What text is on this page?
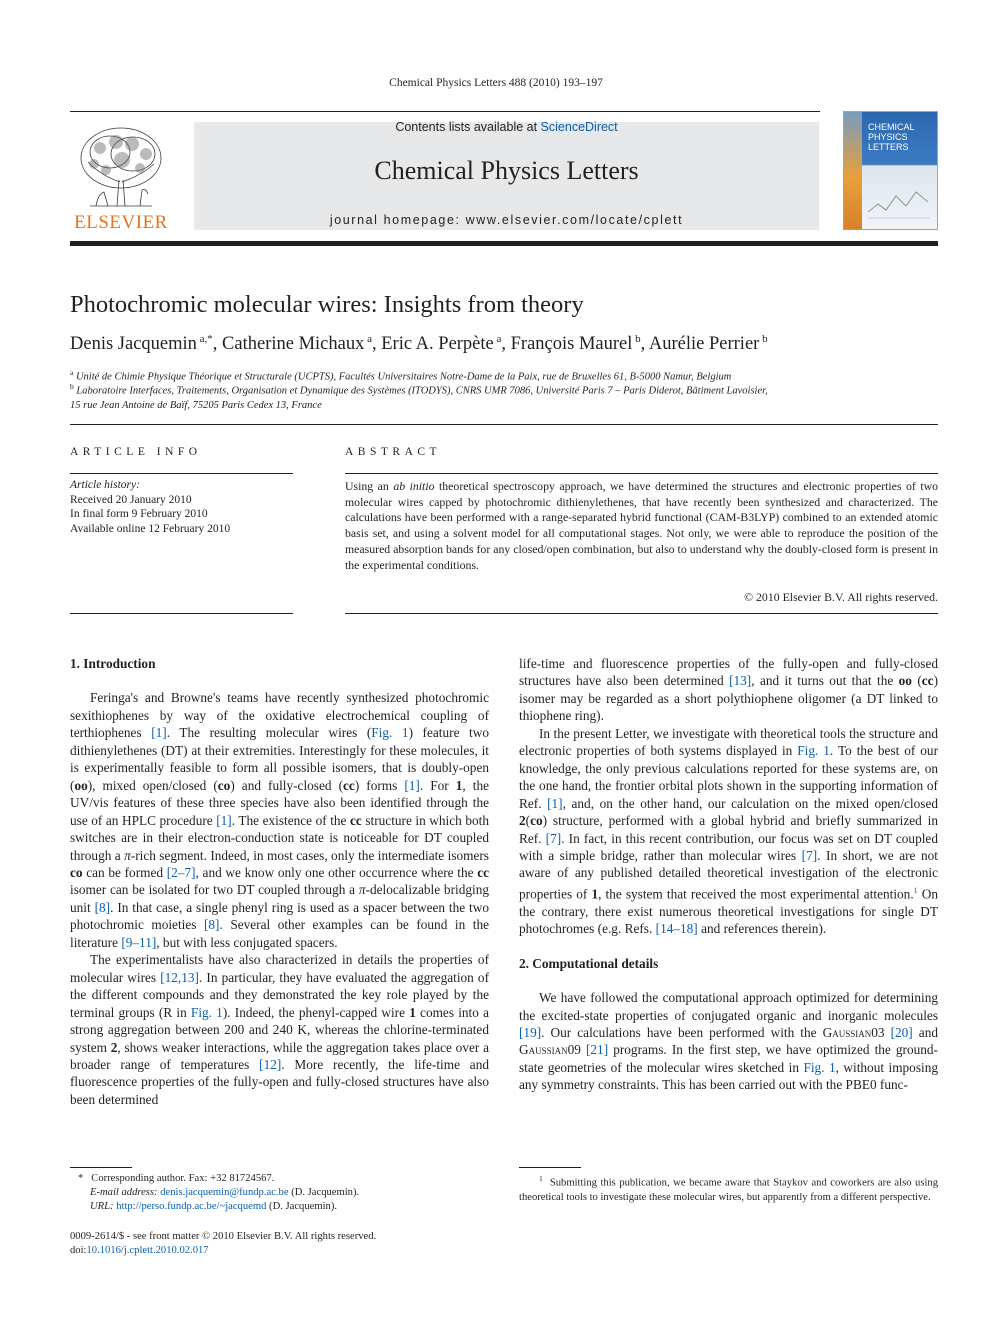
Chemical Physics Letters 488 (2010) 193–197
ELSEVIER
Contents lists available at ScienceDirect
Chemical Physics Letters
journal homepage: www.elsevier.com/locate/cplett
CHEMICAL
PHYSICS
LETTERS
Photochromic molecular wires: Insights from theory
Denis Jacquemin $^{a,*}$, Catherine Michaux $^a$, Eric A. Perpète $^a$, François Maurel $^b$, Aurélie Perrier $^b$
$^a$ Unité de Chimie Physique Théorique et Structurale (UCPTS), Facultés Universitaires Notre-Dame de la Paix, rue de Bruxelles 61, B-5000 Namur, Belgium
$^b$ Laboratoire Interfaces, Traitements, Organisation et Dynamique des Systèmes (ITODYS), CNRS UMR 7086, Université Paris 7 – Paris Diderot, Bâtiment Lavoisier,
15 rue Jean Antoine de Baïf, 75205 Paris Cedex 13, France
ARTICLE INFO
Article history:
Received 20 January 2010
In final form 9 February 2010
Available online 12 February 2010
ABSTRACT
Using an ab initio theoretical spectroscopy approach, we have determined the structures and electronic properties of two molecular wires capped by photochromic dithienylethenes, that have recently been synthesized and characterized. The calculations have been performed with a range-separated hybrid functional (CAM-B3LYP) combined to an extended atomic basis set, and using a solvent model for all computational stages. Not only, we were able to reproduce the position of the measured absorption bands for any closed/open combination, but also to understand why the doubly-closed form is present in the experimental conditions.
© 2010 Elsevier B.V. All rights reserved.
1. Introduction

Feringa's and Browne's teams have recently synthesized photochromic sexithiophenes by way of the oxidative electrochemical coupling of terthiophenes [1]. The resulting molecular wires (Fig. 1) feature two dithienylethenes (DT) at their extremities. Interestingly for these molecules, it is experimentally feasible to form all possible isomers, that is doubly-open (oo), mixed open/closed (co) and fully-closed (cc) forms [1]. For 1, the UV/vis features of these three species have also been identified through the use of an HPLC procedure [1]. The existence of the cc structure in which both switches are in their electron-conduction state is noticeable for DT coupled through a π-rich segment. Indeed, in most cases, only the intermediate isomers co can be formed [2–7], and we know only one other occurrence where the cc isomer can be isolated for two DT coupled through a π-delocalizable bridging unit [8]. In that case, a single phenyl ring is used as a spacer between the two photochromic moieties [8]. Several other examples can be found in the literature [9–11], but with less conjugated spacers.

The experimentalists have also characterized in details the properties of molecular wires [12,13]. In particular, they have evaluated the aggregation of the different compounds and they demonstrated the key role played by the terminal groups (R in Fig. 1). Indeed, the phenyl-capped wire 1 comes into a strong aggregation between 200 and 240 K, whereas the chlorine-terminated system 2, shows weaker interactions, while the aggregation takes place over a broader range of temperatures [12]. More recently, the life-time and fluorescence properties of the fully-open and fully-closed structures have also been determined

life-time and fluorescence properties of the fully-open and fully-closed structures have also been determined [13], and it turns out that the oo (cc) isomer may be regarded as a short polythiophene oligomer (a DT linked to thiophene ring).

In the present Letter, we investigate with theoretical tools the structure and electronic properties of both systems displayed in Fig. 1. To the best of our knowledge, the only previous calculations reported for these systems are, on the one hand, the frontier orbital plots shown in the supporting information of Ref. [1], and, on the other hand, our calculation on the mixed open/closed 2(co) structure, performed with a global hybrid and briefly summarized in Ref. [7]. In fact, in this recent contribution, our focus was set on DT coupled with a simple bridge, rather than molecular wires [7]. In short, we are not aware of any published detailed theoretical investigation of the electronic properties of 1, the system that received the most experimental attention.$^1$ On the contrary, there exist numerous theoretical investigations for single DT photochromes (e.g. Refs. [14–18] and references therein).

2. Computational details

We have followed the computational approach optimized for determining the excited-state properties of conjugated organic and inorganic molecules [19]. Our calculations have been performed with the Gaussian03 [20] and Gaussian09 [21] programs. In the first step, we have optimized the ground-state geometries of the molecular wires sketched in Fig. 1, without imposing any symmetry constraints. This has been carried out with the PBE0 func-

* Corresponding author. Fax: +32 81724567.
E-mail address: denis.jacquemin@fundp.ac.be (D. Jacquemin).
URL: http://perso.fundp.ac.be/~jacquemd (D. Jacquemin).
$^1$ Submitting this publication, we became aware that Staykov and coworkers are also using theoretical tools to investigate these molecular wires, but apparently from a different perspective.
0009-2614/$ - see front matter © 2010 Elsevier B.V. All rights reserved.
doi:10.1016/j.cplett.2010.02.017
